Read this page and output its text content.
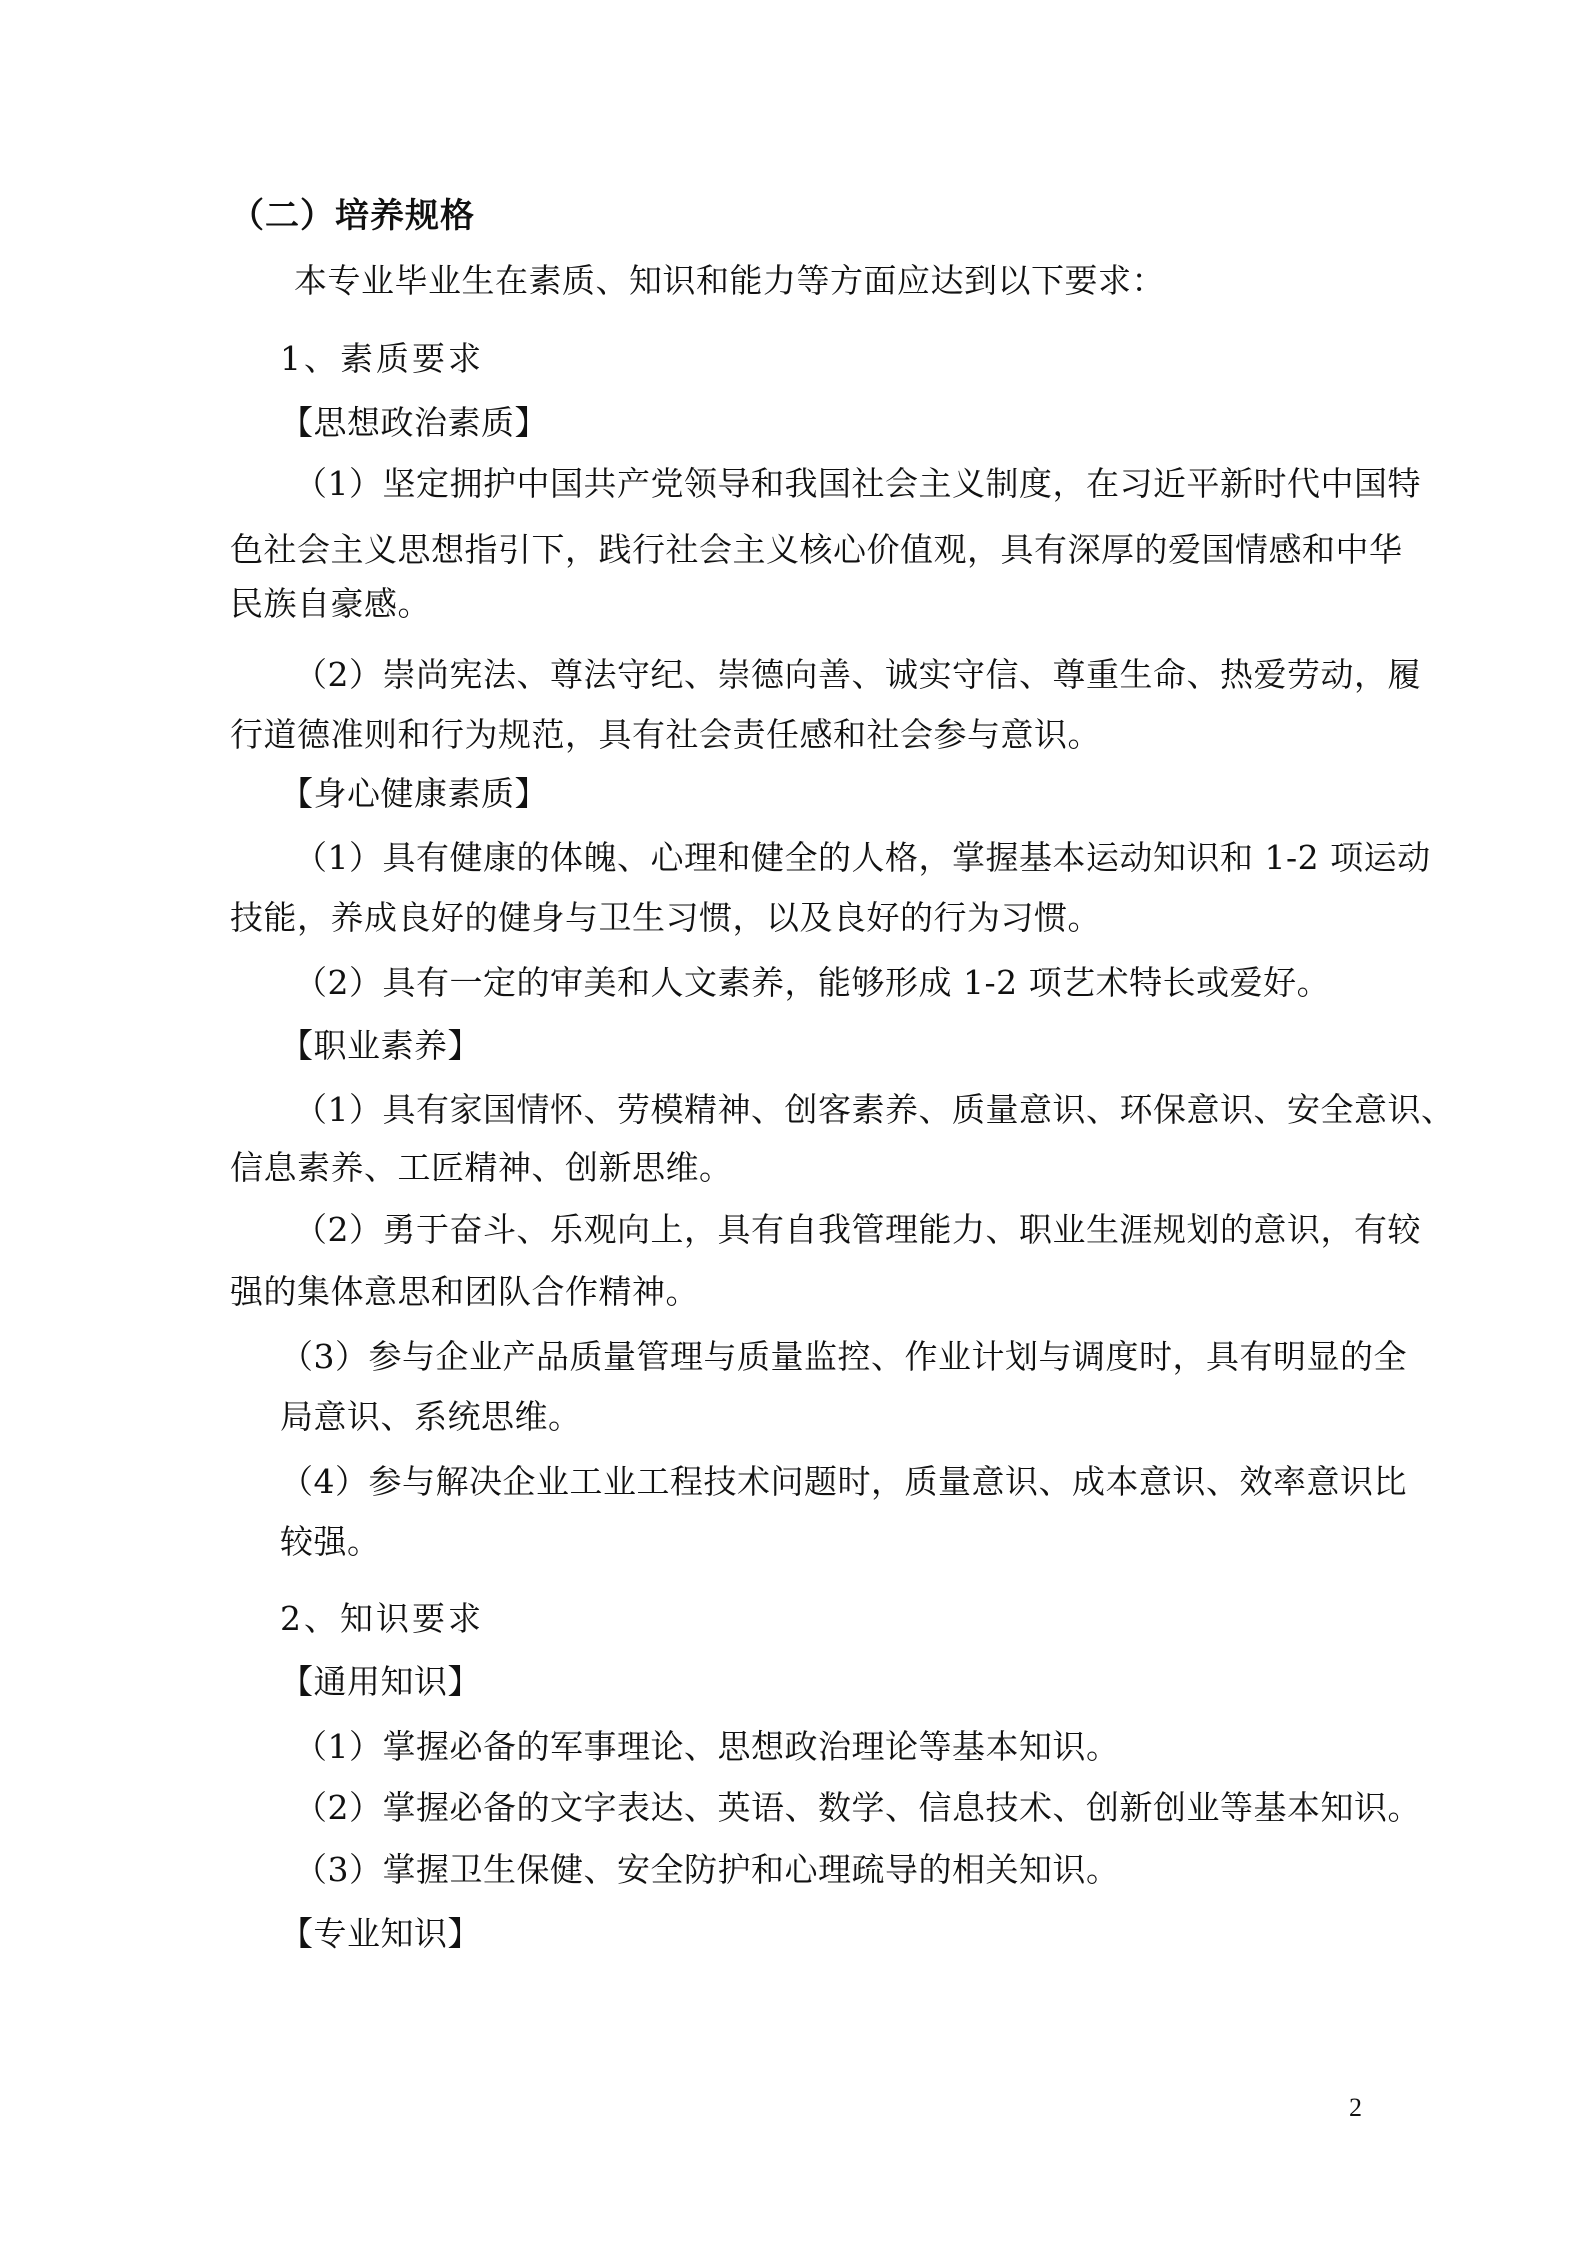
（二）培养规格
本专业毕业生在素质、知识和能力等方面应达到以下要求：
1、素质要求
【思想政治素质】
（1）坚定拥护中国共产党领导和我国社会主义制度，在习近平新时代中国特
色社会主义思想指引下，践行社会主义核心价值观，具有深厚的爱国情感和中华
民族自豪感。
（2）崇尚宪法、尊法守纪、崇德向善、诚实守信、尊重生命、热爱劳动，履
行道德准则和行为规范，具有社会责任感和社会参与意识。
【身心健康素质】
（1）具有健康的体魄、心理和健全的人格，掌握基本运动知识和 1-2 项运动
技能，养成良好的健身与卫生习惯，以及良好的行为习惯。
（2）具有一定的审美和人文素养，能够形成 1-2 项艺术特长或爱好。
【职业素养】
（1）具有家国情怀、劳模精神、创客素养、质量意识、环保意识、安全意识、
信息素养、工匠精神、创新思维。
（2）勇于奋斗、乐观向上，具有自我管理能力、职业生涯规划的意识，有较
强的集体意思和团队合作精神。
（3）参与企业产品质量管理与质量监控、作业计划与调度时，具有明显的全
局意识、系统思维。
（4）参与解决企业工业工程技术问题时，质量意识、成本意识、效率意识比
较强。
2、知识要求
【通用知识】
（1）掌握必备的军事理论、思想政治理论等基本知识。
（2）掌握必备的文字表达、英语、数学、信息技术、创新创业等基本知识。
（3）掌握卫生保健、安全防护和心理疏导的相关知识。
【专业知识】
2
